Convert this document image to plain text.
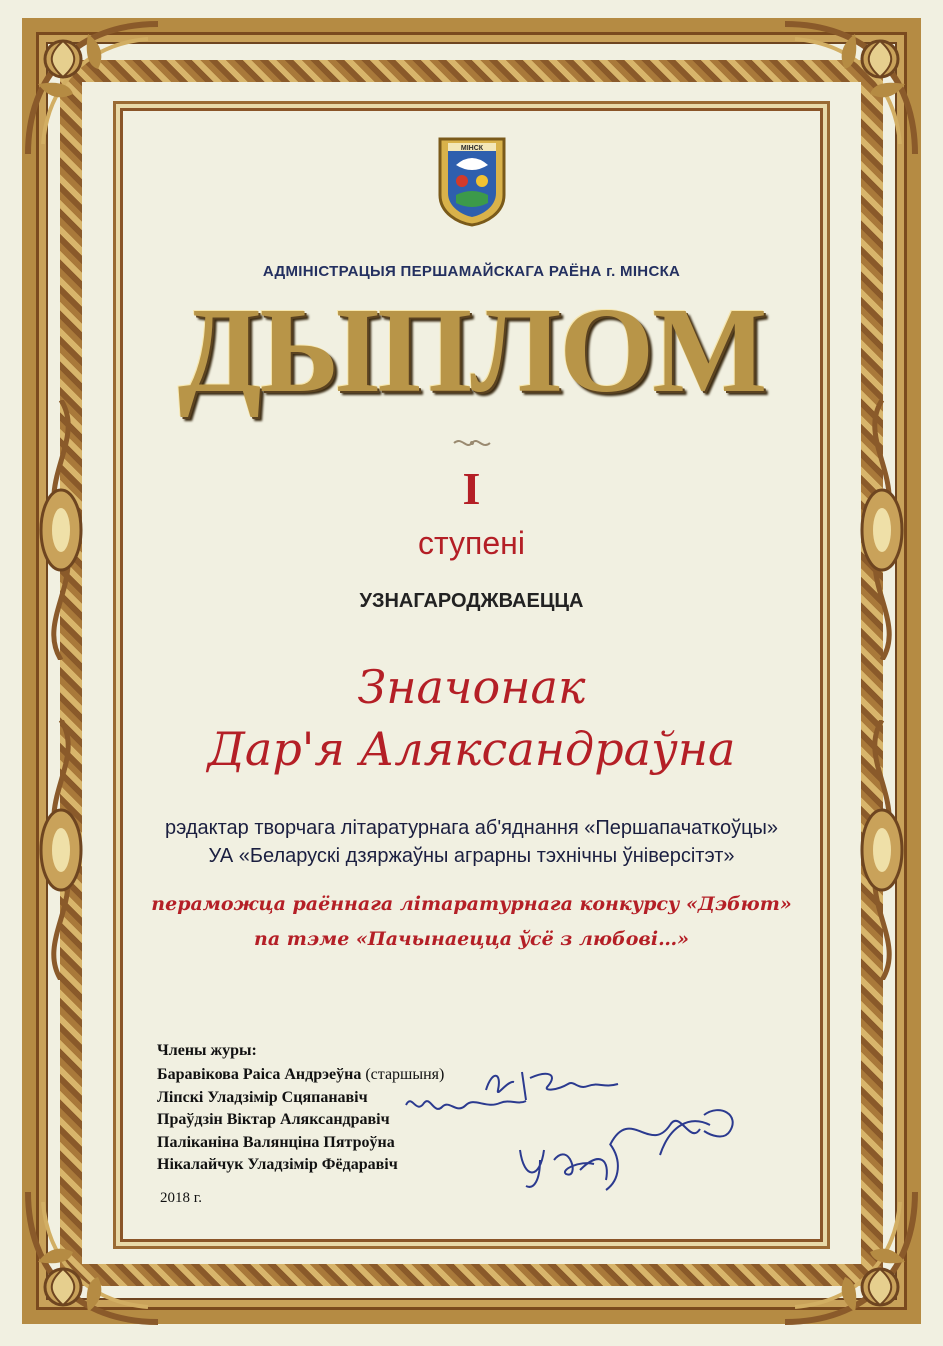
МІНСК
АДМІНІСТРАЦЫЯ ПЕРШАМАЙСКАГА РАЁНА г. МІНСКА
ДЫПЛОМ
I
ступені
УЗНАГАРОДЖВАЕЦЦА
Значонак
Дар'я Аляксандраўна
рэдактар творчага літаратурнага аб'яднання «Першапачаткоўцы»
УА «Беларускі дзяржаўны аграрны тэхнічны ўніверсітэт»
пераможца раённага літаратурнага конкурсу «Дэбют»
па тэме «Пачынаецца ўсё з любові…»
Члены журы:
Баравікова Раіса Андрэеўна (старшыня)
Ліпскі Уладзімір Сцяпанавіч
Праўдзін Віктар Аляксандравіч
Паліканіна Валянціна Пятроўна
Нікалайчук Уладзімір Фёдаравіч
2018 г.
